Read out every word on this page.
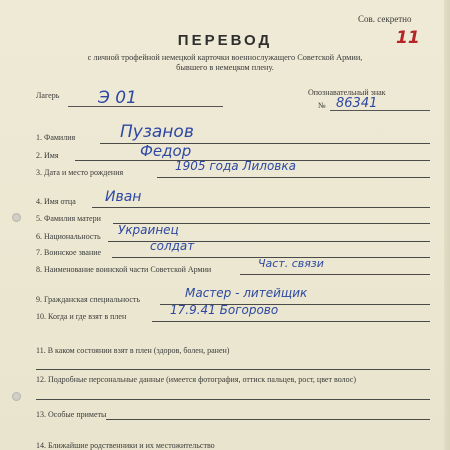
Сов. секретно
11
ПЕРЕВОД
с личной трофейной немецкой карточки военнослужащего Советской Армии,
бывшего в немецком плену.
Лагерь Э 01	Опознавательный знак
№ 86341
1. Фамилия	Пузанов
2. Имя	Федор
3. Дата и место рождения	1905 года Лиловка
4. Имя отца Иван
5. Фамилия матери
6. Национальность Украинец
7. Воинское звание	солдат
8. Наименование воинской части Советской Армии	Част. связи
9. Гражданская специальность	Мастер - литейщик
10. Когда и где взят в плен	17.9.41 Богорово
11. В каком состоянии взят в плен (здоров, болен, ранен)
12. Подробные персональные данные (имеется фотография, оттиск пальцев, рост, цвет волос)
13. Особые приметы
14. Ближайшие родственники и их местожительство
